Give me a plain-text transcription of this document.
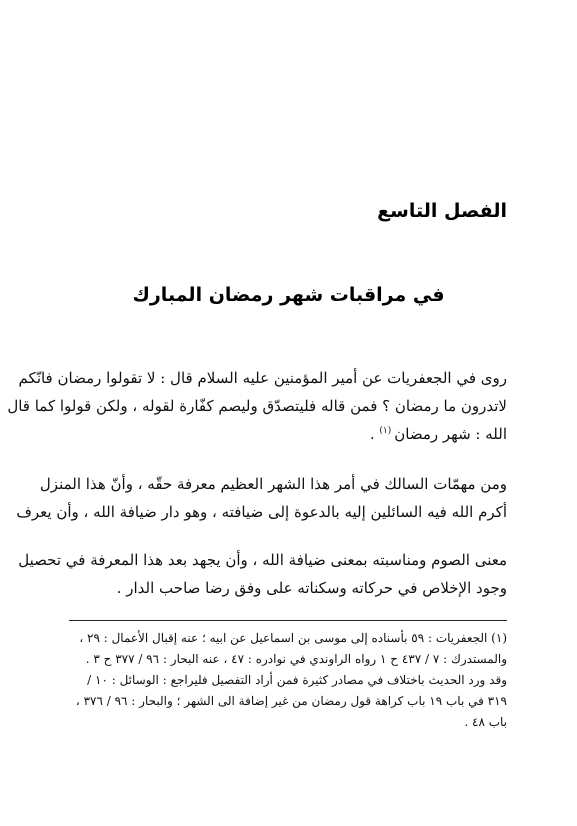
الفصل التاسع
في مراقبات شهر رمضان المبارك

روى في الجعفريات عن أمير المؤمنين عليه السلام قال : لا تقولوا رمضان فانّكم
لاتدرون ما رمضان ؟ فمن قاله فليتصدّق وليصم كفّارة لقوله ، ولكن قولوا كما قال
الله : شهر رمضان$^{(١)}$ .

ومن مهمّات السالك في أمر هذا الشهر العظيم معرفة حقّه ، وأنّ هذا المنزل
أكرم الله فيه السائلين إليه بالدعوة إلى ضيافته ، وهو دار ضيافة الله ، وأن يعرف

معنى الصوم ومناسبته بمعنى ضيافة الله ، وأن يجهد بعد هذا المعرفة في تحصيل
وجود الإخلاص في حركاته وسكناته على وفق رضا صاحب الدار .

(١) الجعفريات : ٥٩ بأسناده إلى موسى بن اسماعيل عن ابيه ؛ عنه إقبال الأعمال : ٢٩ ،
والمستدرك : ٧ / ٤٣٧ ح ١ رواه الراوندي في نوادره : ٤٧ ، عنه البحار : ٩٦ / ٣٧٧ ح ٣ .
وقد ورد الحديث باختلاف في مصادر كثيرة فمن أراد التفصيل فليراجع : الوسائل : ١٠ /
٣١٩ في باب ١٩ باب كراهة قول رمضان من غير إضافة الى الشهر ؛ والبحار : ٩٦ / ٣٧٦ ،
باب ٤٨ .
